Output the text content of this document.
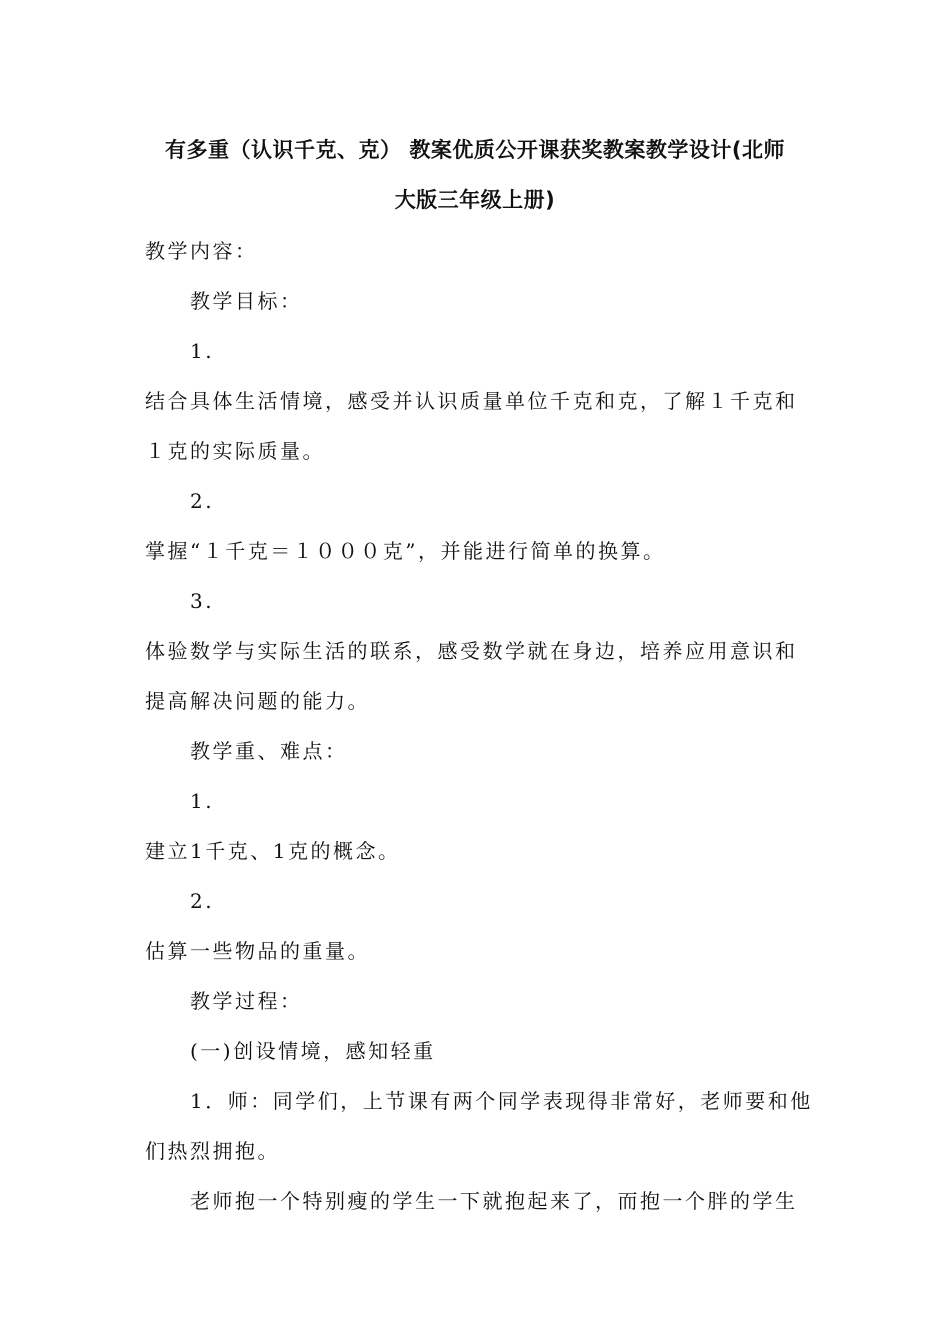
有多重（认识千克、克） 教案优质公开课获奖教案教学设计(北师
大版三年级上册)
教学内容：
教学目标：
1.
结合具体生活情境，感受并认识质量单位千克和克，了解１千克和
１克的实际质量。
2.
掌握“１千克＝１０００克”，并能进行简单的换算。
3.
体验数学与实际生活的联系，感受数学就在身边，培养应用意识和
提高解决问题的能力。
教学重、难点：
1.
建立1千克、1克的概念。
2.
估算一些物品的重量。
教学过程：
(一)创设情境，感知轻重
1．师：同学们，上节课有两个同学表现得非常好，老师要和他
们热烈拥抱。
老师抱一个特别瘦的学生一下就抱起来了，而抱一个胖的学生
